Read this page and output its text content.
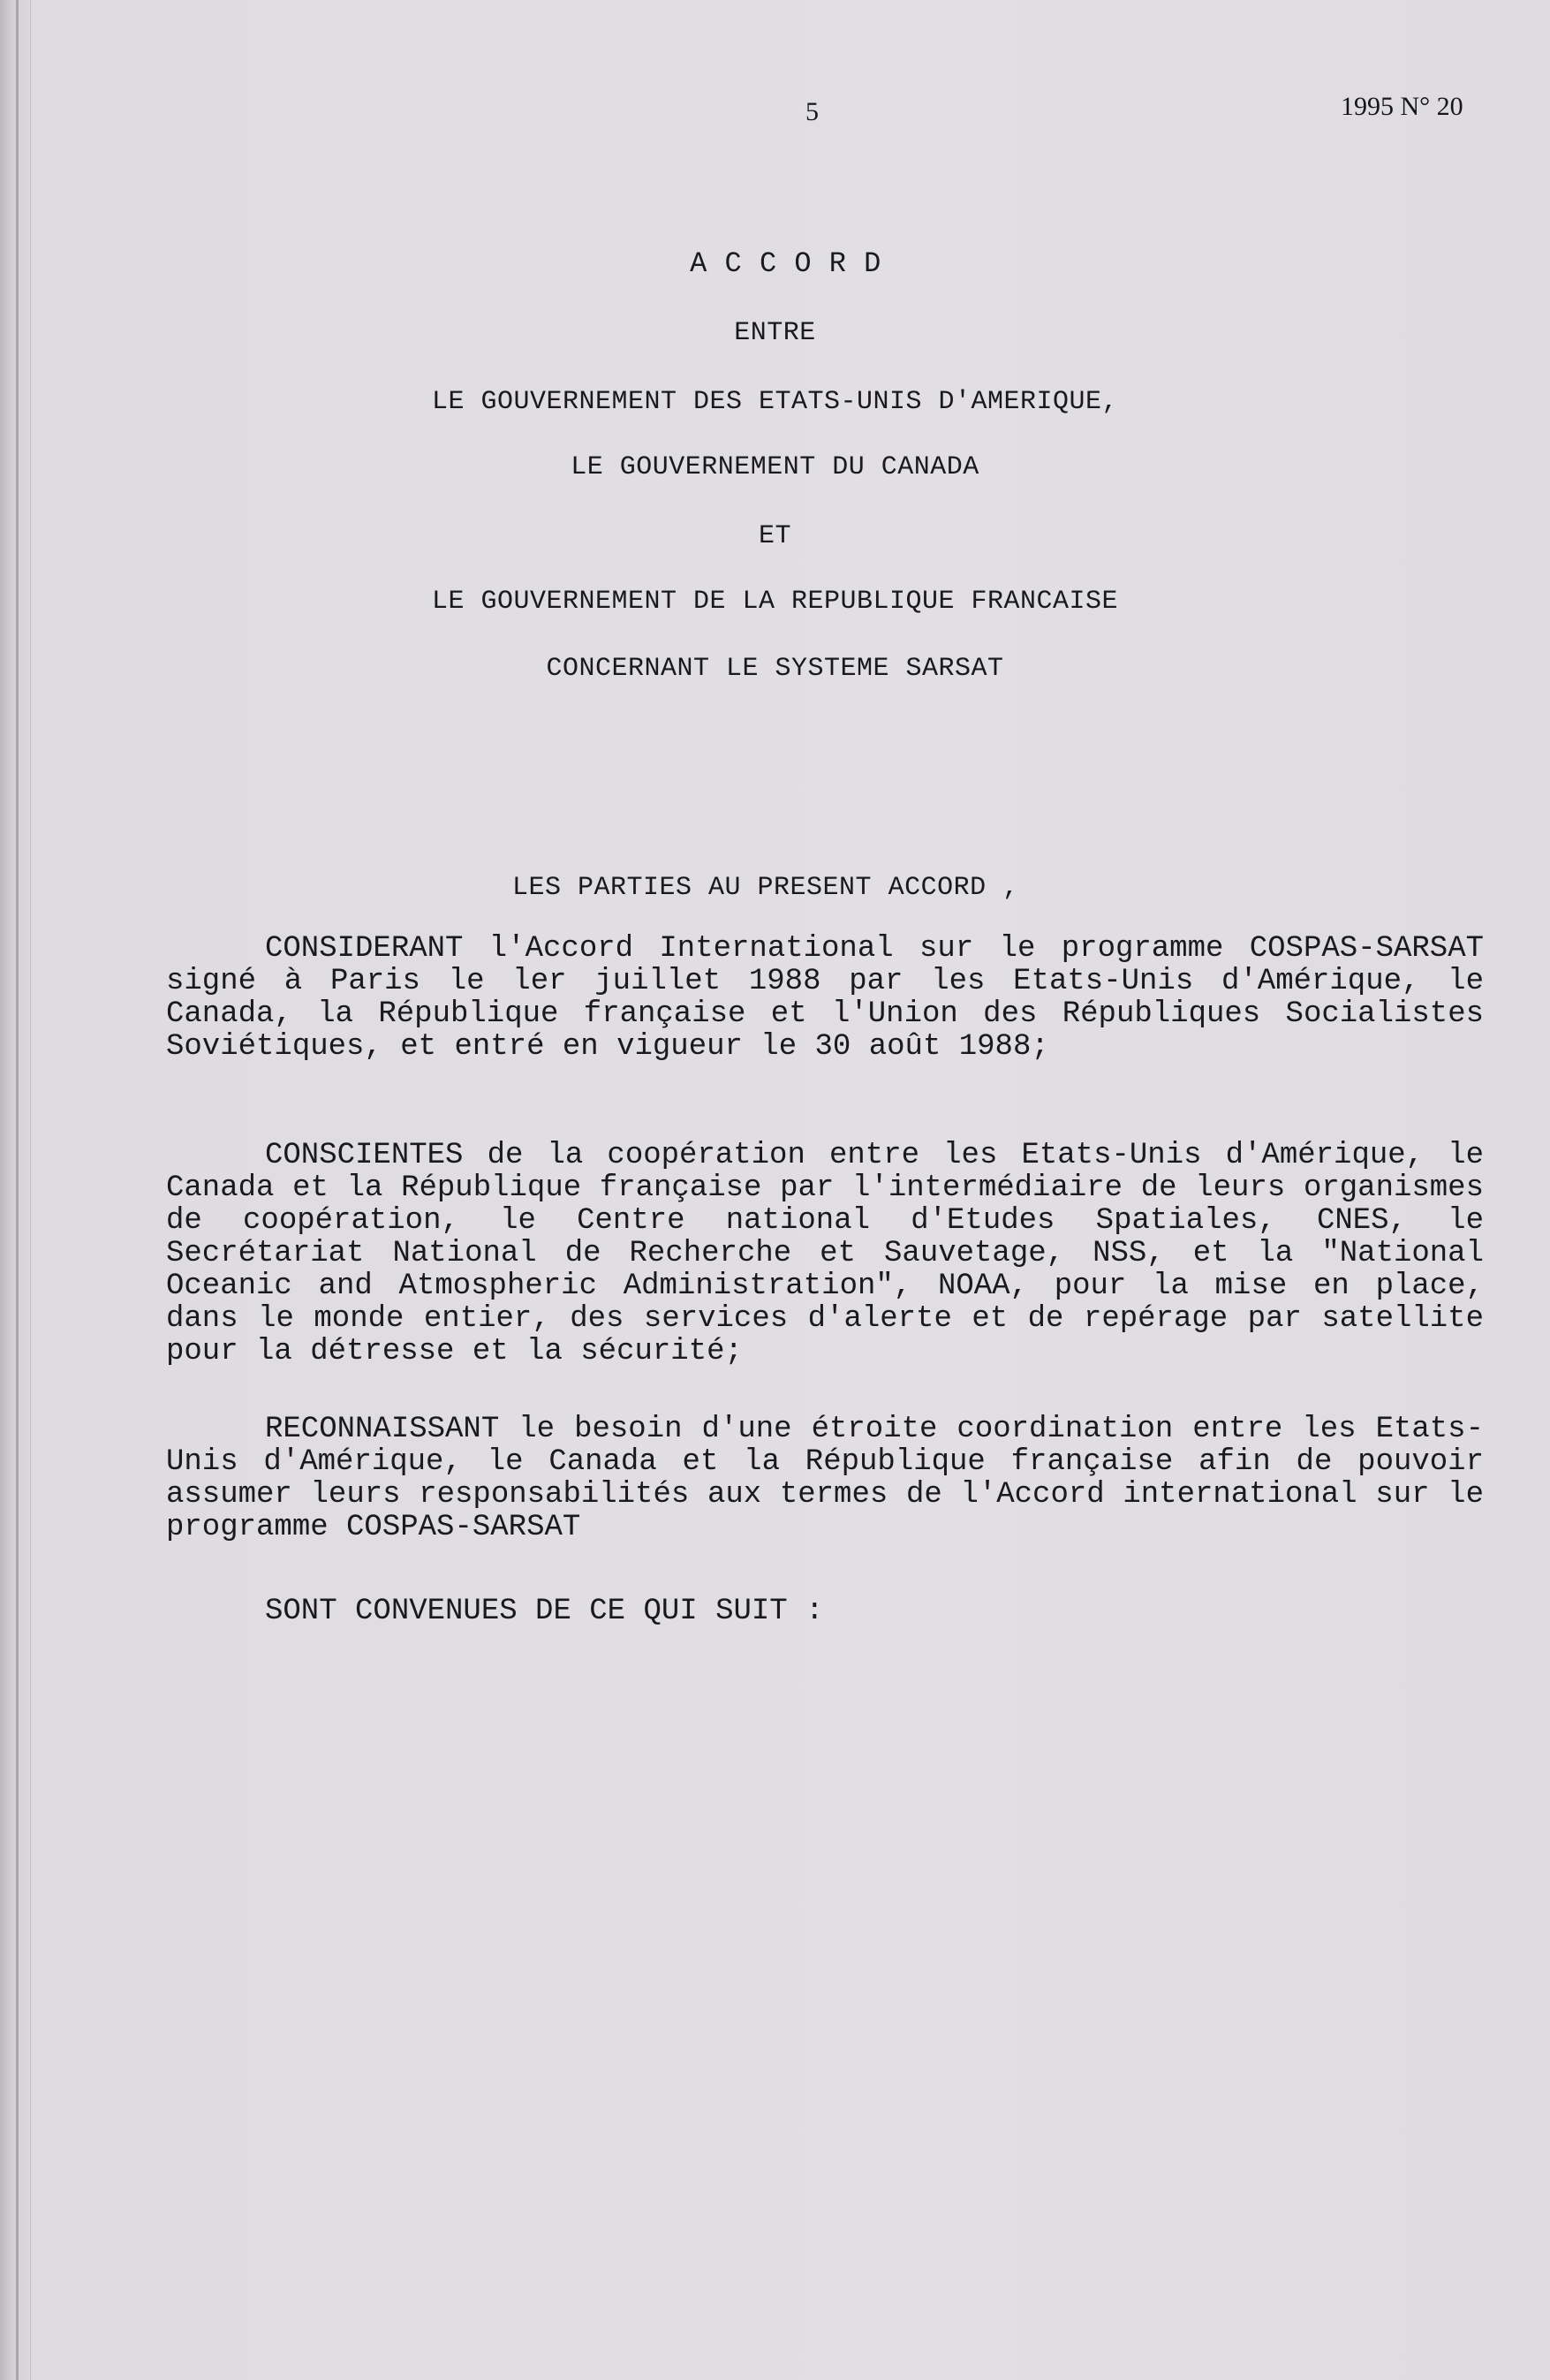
5	1995 N° 20
A C C O R D
ENTRE
LE GOUVERNEMENT DES ETATS-UNIS D'AMERIQUE,
LE GOUVERNEMENT DU CANADA
ET
LE GOUVERNEMENT DE LA REPUBLIQUE FRANCAISE
CONCERNANT LE SYSTEME SARSAT
LES PARTIES AU PRESENT ACCORD ,
CONSIDERANT l'Accord International sur le programme COSPAS-SARSAT signé à Paris le ler juillet 1988 par les Etats-Unis d'Amérique, le Canada, la République française et l'Union des Républiques Socialistes Soviétiques, et entré en vigueur le 30 août 1988;
CONSCIENTES de la coopération entre les Etats-Unis d'Amérique, le Canada et la République française par l'intermédiaire de leurs organismes de coopération, le Centre national d'Etudes Spatiales, CNES, le Secrétariat National de Recherche et Sauvetage, NSS, et la "National Oceanic and Atmospheric Administration", NOAA, pour la mise en place, dans le monde entier, des services d'alerte et de repérage par satellite pour la détresse et la sécurité;
RECONNAISSANT le besoin d'une étroite coordination entre les Etats-Unis d'Amérique, le Canada et la République française afin de pouvoir assumer leurs responsabilités aux termes de l'Accord international sur le programme COSPAS-SARSAT
SONT CONVENUES DE CE QUI SUIT :
